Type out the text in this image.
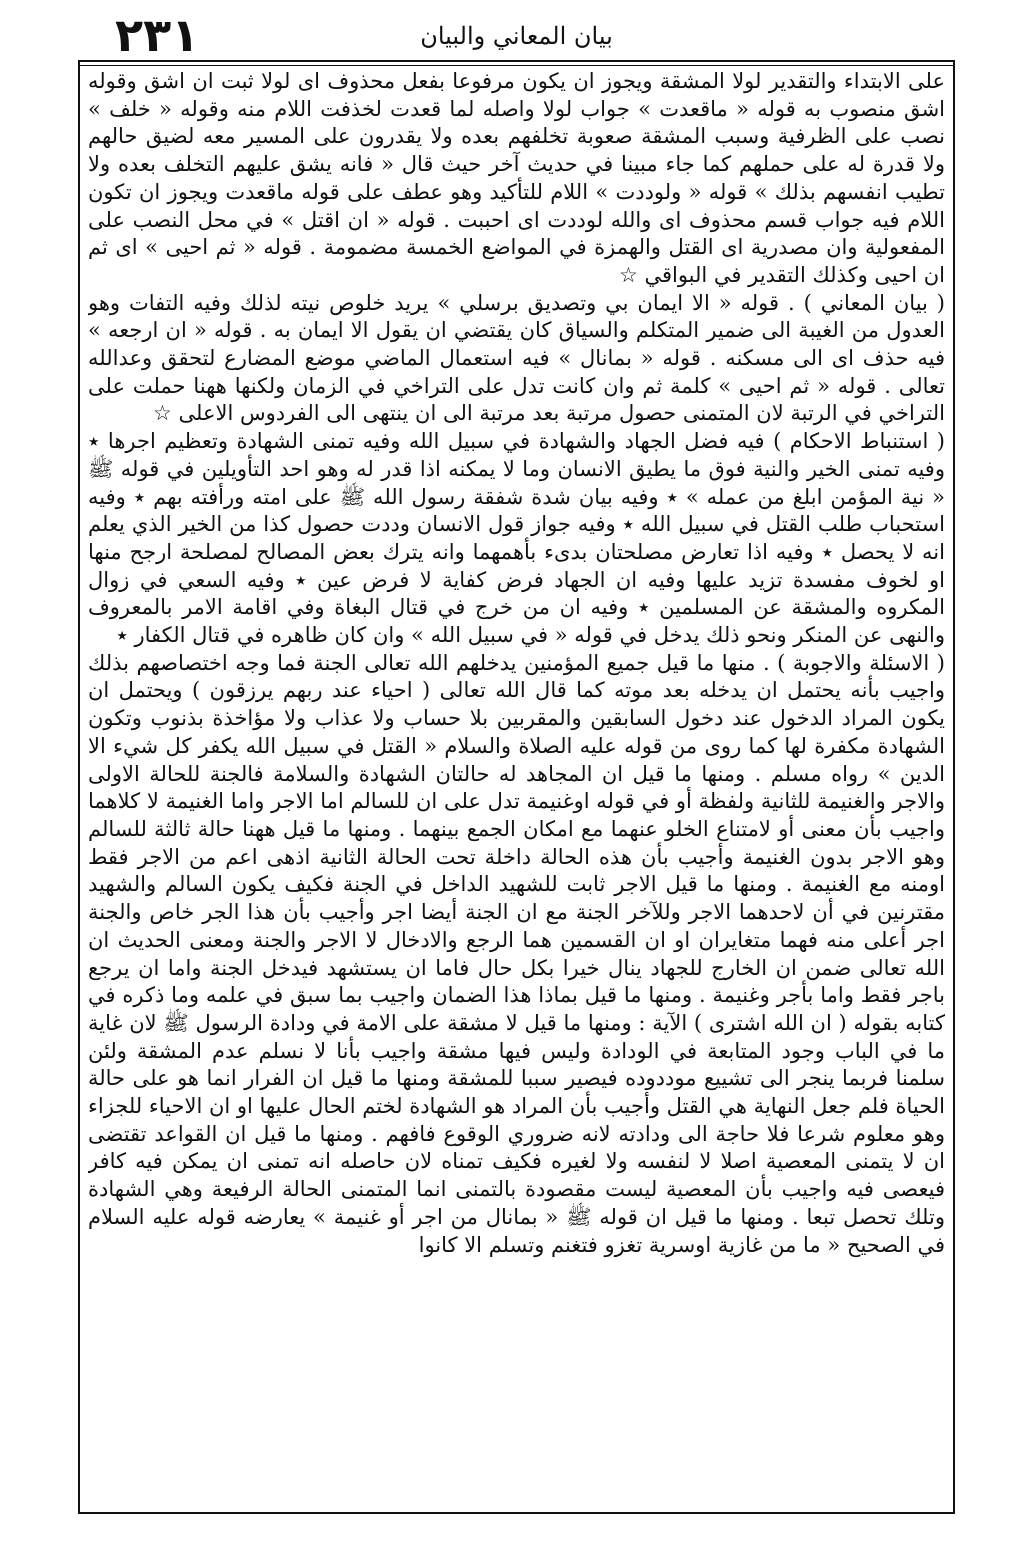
٢٣١	بيان المعاني والبيان

على الابتداء والتقدير لولا المشقة ويجوز ان يكون مرفوعا بفعل محذوف اى لولا ثبت ان اشق وقوله اشق منصوب به قوله « ماقعدت » جواب لولا واصله لما قعدت لخذفت اللام منه وقوله « خلف » نصب على الظرفية وسبب المشقة صعوبة تخلفهم بعده ولا يقدرون على المسير معه لضيق حالهم ولا قدرة له على حملهم كما جاء مبينا في حديث آخر حيث قال « فانه يشق عليهم التخلف بعده ولا تطيب انفسهم بذلك » قوله « ولوددت » اللام للتأكيد وهو عطف على قوله ماقعدت ويجوز ان تكون اللام فيه جواب قسم محذوف اى والله لوددت اى احببت . قوله « ان اقتل » في محل النصب على المفعولية وان مصدرية اى القتل والهمزة في المواضع الخمسة مضمومة . قوله « ثم احيى » اى ثم ان احيى وكذلك التقدير في البواقي ☆

( بيان المعاني ) . قوله « الا ايمان بي وتصديق برسلي » يريد خلوص نيته لذلك وفيه التفات وهو العدول من الغيبة الى ضمير المتكلم والسياق كان يقتضي ان يقول الا ايمان به . قوله « ان ارجعه » فيه حذف اى الى مسكنه . قوله « بمانال » فيه استعمال الماضي موضع المضارع لتحقق وعدالله تعالى . قوله « ثم احيى » كلمة ثم وان كانت تدل على التراخي في الزمان ولكنها ههنا حملت على التراخي في الرتبة لان المتمنى حصول مرتبة بعد مرتبة الى ان ينتهى الى الفردوس الاعلى ☆

( استنباط الاحكام ) فيه فضل الجهاد والشهادة في سبيل الله وفيه تمنى الشهادة وتعظيم اجرها ٭ وفيه تمنى الخير والنية فوق ما يطيق الانسان وما لا يمكنه اذا قدر له وهو احد التأويلين في قوله ﷺ « نية المؤمن ابلغ من عمله » ٭ وفيه بيان شدة شفقة رسول الله ﷺ على امته ورأفته بهم ٭ وفيه استحباب طلب القتل في سبيل الله ٭ وفيه جواز قول الانسان وددت حصول كذا من الخير الذي يعلم انه لا يحصل ٭ وفيه اذا تعارض مصلحتان بدىء بأهمهما وانه يترك بعض المصالح لمصلحة ارجح منها او لخوف مفسدة تزيد عليها وفيه ان الجهاد فرض كفاية لا فرض عين ٭ وفيه السعي في زوال المكروه والمشقة عن المسلمين ٭ وفيه ان من خرج في قتال البغاة وفي اقامة الامر بالمعروف والنهى عن المنكر ونحو ذلك يدخل في قوله « في سبيل الله » وان كان ظاهره في قتال الكفار ٭

( الاسئلة والاجوبة ) . منها ما قيل جميع المؤمنين يدخلهم الله تعالى الجنة فما وجه اختصاصهم بذلك واجيب بأنه يحتمل ان يدخله بعد موته كما قال الله تعالى ( احياء عند ربهم يرزقون ) ويحتمل ان يكون المراد الدخول عند دخول السابقين والمقربين بلا حساب ولا عذاب ولا مؤاخذة بذنوب وتكون الشهادة مكفرة لها كما روى من قوله عليه الصلاة والسلام « القتل في سبيل الله يكفر كل شيء الا الدين » رواه مسلم . ومنها ما قيل ان المجاهد له حالتان الشهادة والسلامة فالجنة للحالة الاولى والاجر والغنيمة للثانية ولفظة أو في قوله اوغنيمة تدل على ان للسالم اما الاجر واما الغنيمة لا كلاهما واجيب بأن معنى أو لامتناع الخلو عنهما مع امكان الجمع بينهما . ومنها ما قيل ههنا حالة ثالثة للسالم وهو الاجر بدون الغنيمة وأجيب بأن هذه الحالة داخلة تحت الحالة الثانية اذهى اعم من الاجر فقط اومنه مع الغنيمة . ومنها ما قيل الاجر ثابت للشهيد الداخل في الجنة فكيف يكون السالم والشهيد مقترنين في أن لاحدهما الاجر وللآخر الجنة مع ان الجنة أيضا اجر وأجيب بأن هذا الجر خاص والجنة اجر أعلى منه فهما متغايران او ان القسمين هما الرجع والادخال لا الاجر والجنة ومعنى الحديث ان الله تعالى ضمن ان الخارج للجهاد ينال خيرا بكل حال فاما ان يستشهد فيدخل الجنة واما ان يرجع باجر فقط واما بأجر وغنيمة . ومنها ما قيل بماذا هذا الضمان واجيب بما سبق في علمه وما ذكره في كتابه بقوله ( ان الله اشترى ) الآية : ومنها ما قيل لا مشقة على الامة في ودادة الرسول ﷺ لان غاية ما في الباب وجود المتابعة في الودادة وليس فيها مشقة واجيب بأنا لا نسلم عدم المشقة ولئن سلمنا فربما ينجر الى تشييع موددوده فيصير سببا للمشقة ومنها ما قيل ان الفرار انما هو على حالة الحياة فلم جعل النهاية هي القتل وأجيب بأن المراد هو الشهادة لختم الحال عليها او ان الاحياء للجزاء وهو معلوم شرعا فلا حاجة الى ودادته لانه ضروري الوقوع فافهم . ومنها ما قيل ان القواعد تقتضى ان لا يتمنى المعصية اصلا لا لنفسه ولا لغيره فكيف تمناه لان حاصله انه تمنى ان يمكن فيه كافر فيعصى فيه واجيب بأن المعصية ليست مقصودة بالتمنى انما المتمنى الحالة الرفيعة وهي الشهادة وتلك تحصل تبعا . ومنها ما قيل ان قوله ﷺ « بمانال من اجر أو غنيمة » يعارضه قوله عليه السلام في الصحيح « ما من غازية اوسرية تغزو فتغنم وتسلم الا كانوا
